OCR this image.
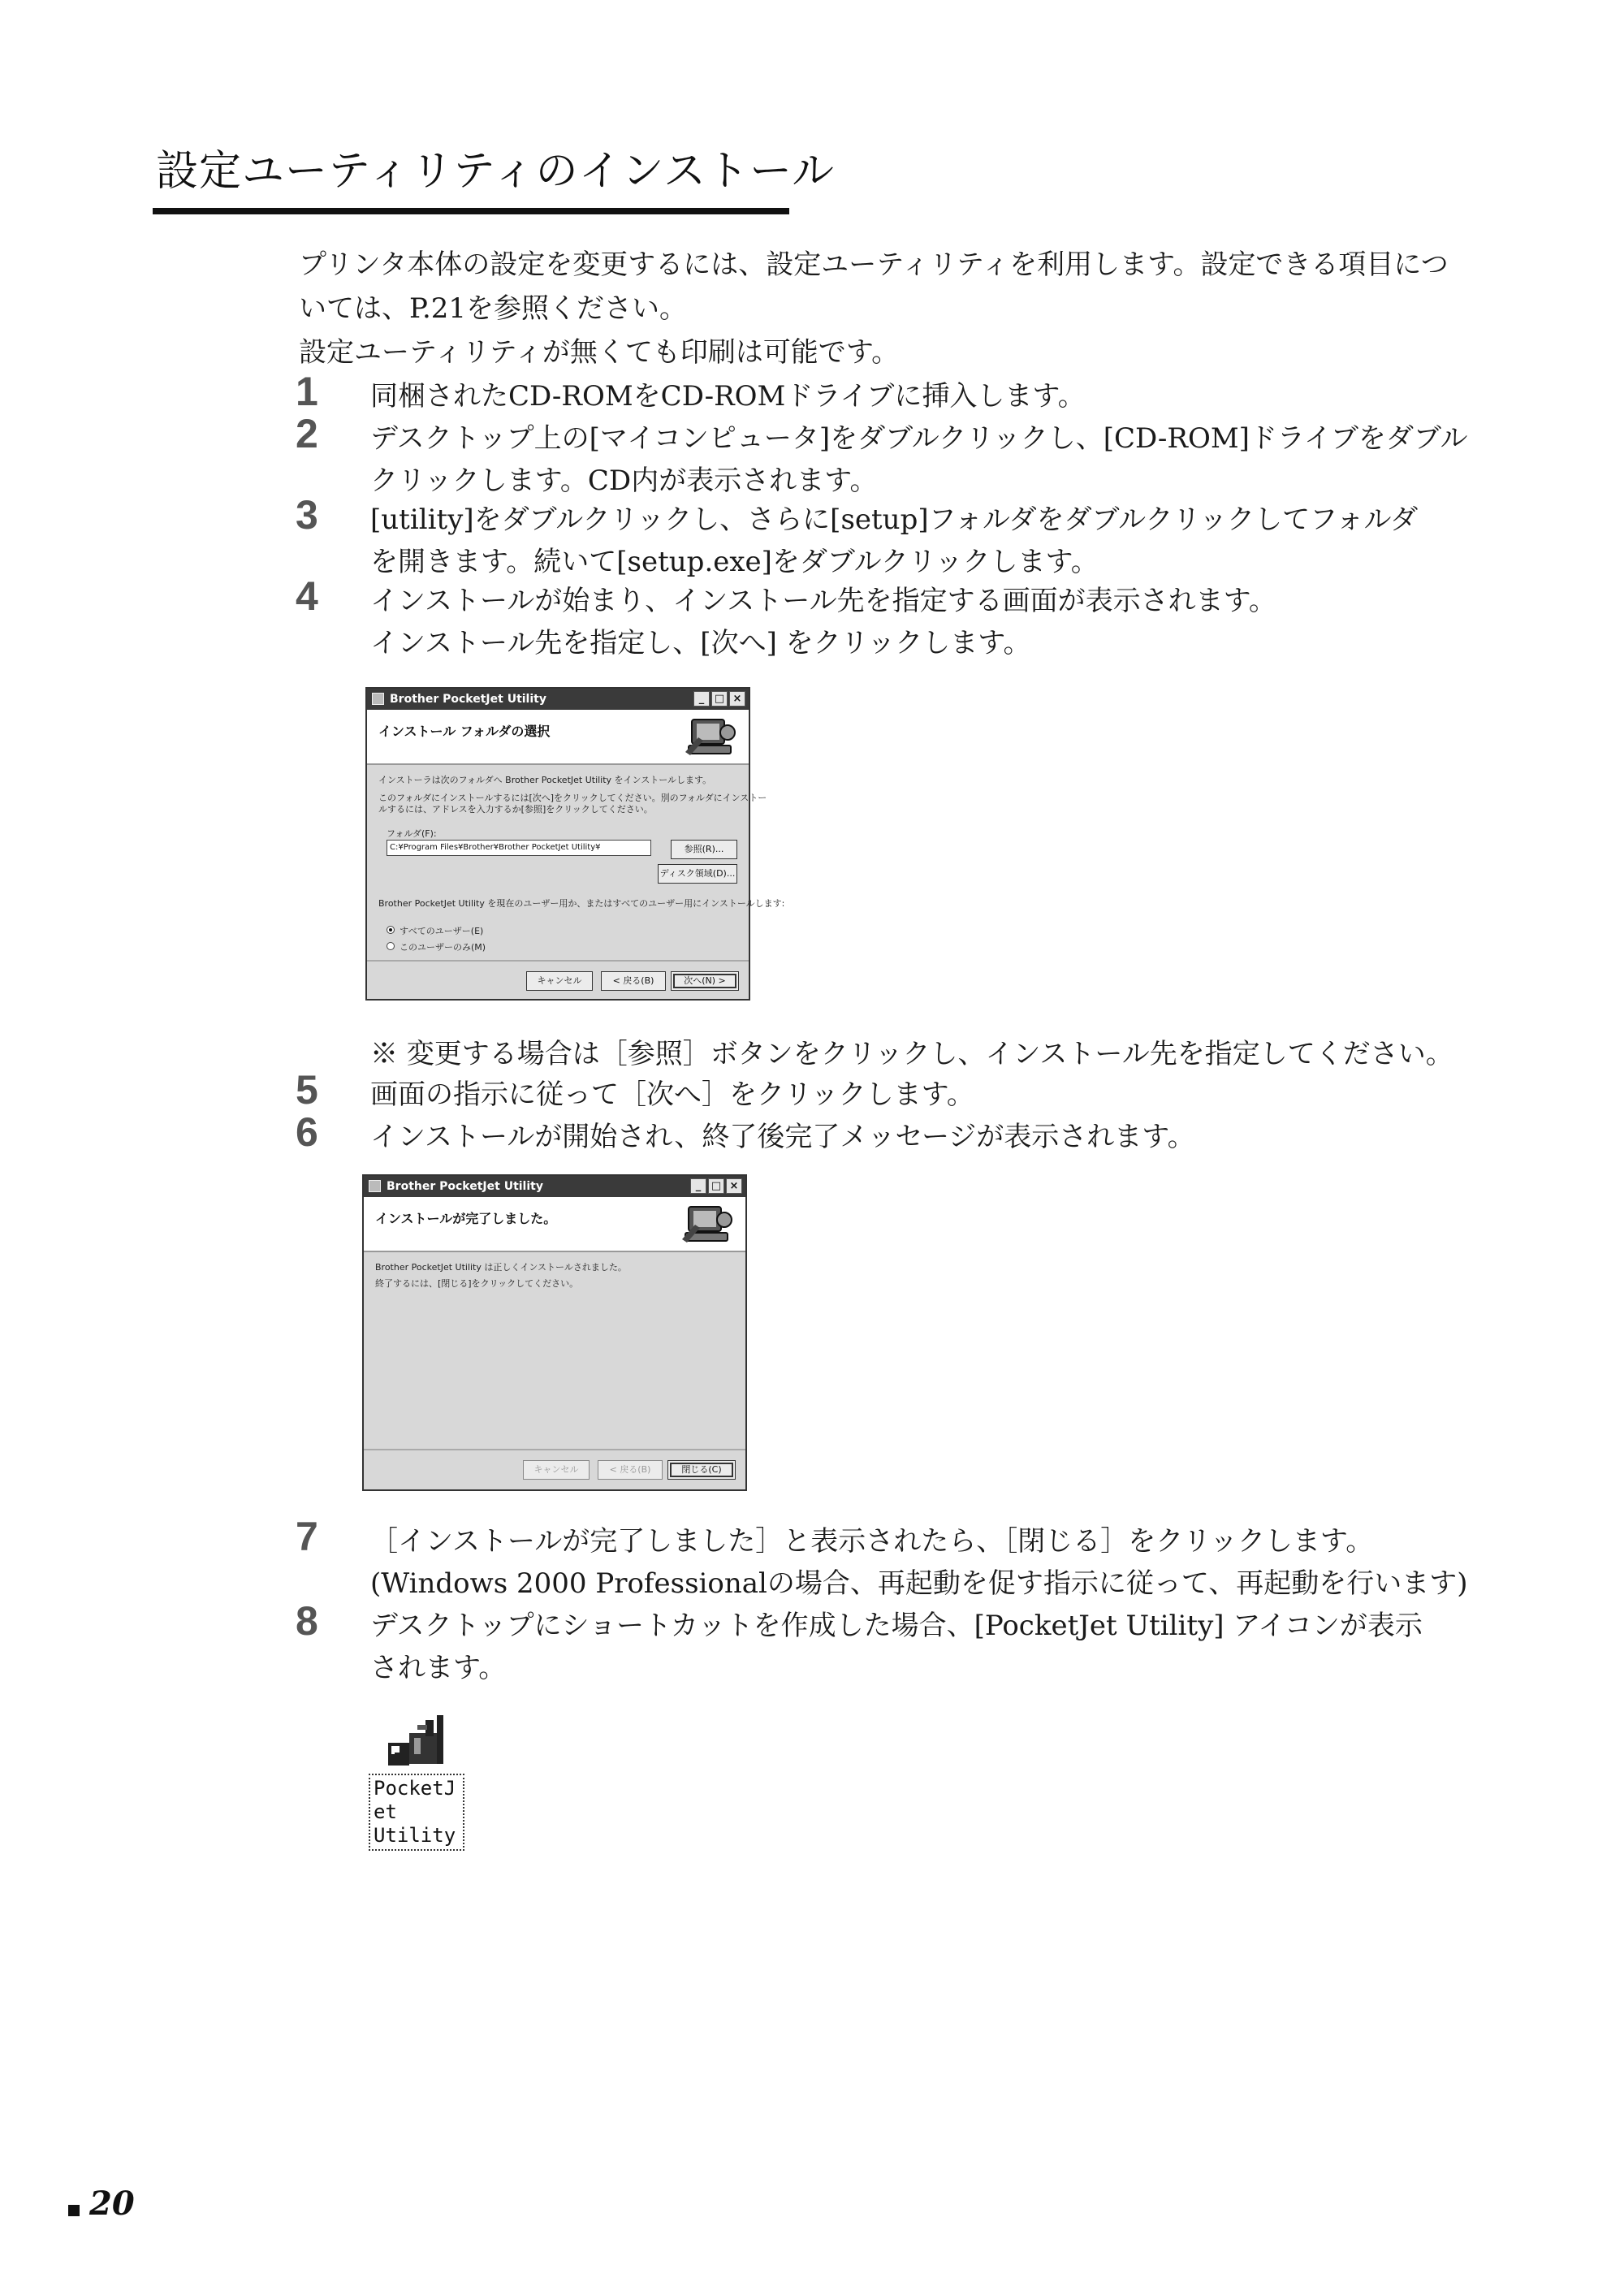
設定ユーティリティのインストール
プリンタ本体の設定を変更するには、設定ユーティリティを利用します。設定できる項目につ
いては、P.21を参照ください。
設定ユーティリティが無くても印刷は可能です。
1 同梱されたCD-ROMをCD-ROMドライブに挿入します。
2 デスクトップ上の[マイコンピュータ]をダブルクリックし、[CD-ROM]ドライブをダブル
クリックします。CD内が表示されます。
3 [utility]をダブルクリックし、さらに[setup]フォルダをダブルクリックしてフォルダ
を開きます。続いて[setup.exe]をダブルクリックします。
4 インストールが始まり、インストール先を指定する画面が表示されます。
インストール先を指定し、[次へ] をクリックします。
Brother PocketJet Utility	_ □ ×
インストール フォルダの選択
インストーラは次のフォルダへ Brother PocketJet Utility をインストールします。
このフォルダにインストールするには[次へ]をクリックしてください。別のフォルダにインストー
ルするには、アドレスを入力するか[参照]をクリックしてください。
フォルダ(F):
C:¥Program Files¥Brother¥Brother PocketJet Utility¥	参照(R)...
ディスク領域(D)...
Brother PocketJet Utility を現在のユーザー用か、またはすべてのユーザー用にインストールします:
すべてのユーザー(E)
このユーザーのみ(M)
キャンセル	< 戻る(B)	次へ(N) >
※ 変更する場合は［参照］ボタンをクリックし、インストール先を指定してください。
5 画面の指示に従って［次へ］をクリックします。
6 インストールが開始され、終了後完了メッセージが表示されます。
Brother PocketJet Utility	_ □ ×
インストールが完了しました。
Brother PocketJet Utility は正しくインストールされました。
終了するには、[閉じる]をクリックしてください。
キャンセル	< 戻る(B)	閉じる(C)
7 ［インストールが完了しました］と表示されたら、［閉じる］をクリックします。
(Windows 2000 Professionalの場合、再起動を促す指示に従って、再起動を行います)
8 デスクトップにショートカットを作成した場合、[PocketJet Utility] アイコンが表示
されます。
PocketJ
et Utility
20
